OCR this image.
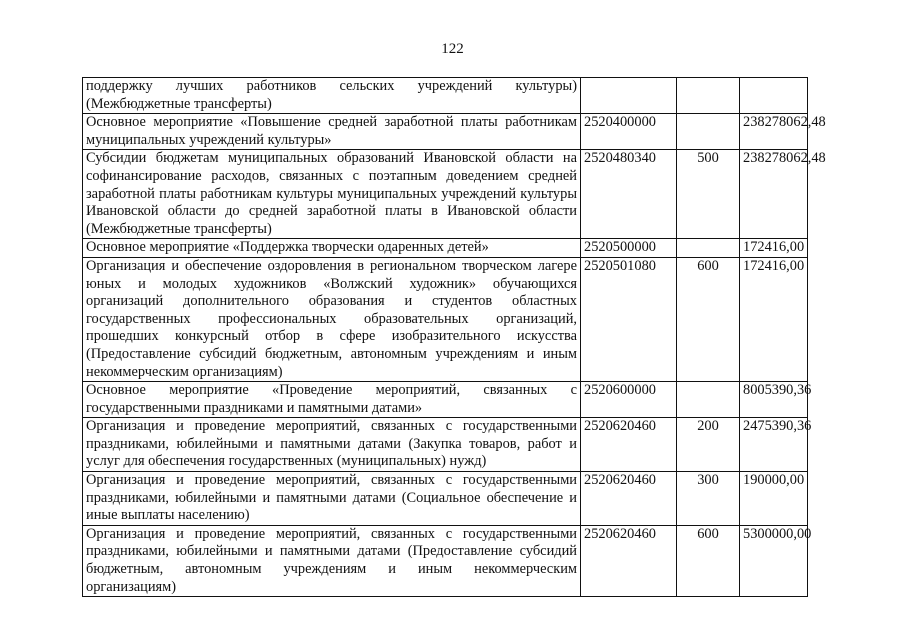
122
поддержку лучших работников сельских учреждений культуры) (Межбюджетные трансферты)			
Основное мероприятие «Повышение средней заработной платы работникам муниципальных учреждений культуры»	2520400000		238278062,48
Субсидии бюджетам муниципальных образований Ивановской области на софинансирование расходов, связанных с поэтапным доведением средней заработной платы работникам культуры муниципальных учреждений культуры Ивановской области до средней заработной платы в Ивановской области (Межбюджетные трансферты)	2520480340	500	238278062,48
Основное мероприятие «Поддержка творчески одаренных детей»	2520500000		172416,00
Организация и обеспечение оздоровления в региональном творческом лагере юных и молодых художников «Волжский художник» обучающихся организаций дополнительного образования и студентов областных государственных профессиональных образовательных организаций, прошедших конкурсный отбор в сфере изобразительного искусства (Предоставление субсидий бюджетным, автономным учреждениям и иным некоммерческим организациям)	2520501080	600	172416,00
Основное мероприятие «Проведение мероприятий, связанных с государственными праздниками и памятными датами»	2520600000		8005390,36
Организация и проведение мероприятий, связанных с государственными праздниками, юбилейными и памятными датами (Закупка товаров, работ и услуг для обеспечения государственных (муниципальных) нужд)	2520620460	200	2475390,36
Организация и проведение мероприятий, связанных с государственными праздниками, юбилейными и памятными датами (Социальное обеспечение и иные выплаты населению)	2520620460	300	190000,00
Организация и проведение мероприятий, связанных с государственными праздниками, юбилейными и памятными датами (Предоставление субсидий бюджетным, автономным учреждениям и иным некоммерческим организациям)	2520620460	600	5300000,00
